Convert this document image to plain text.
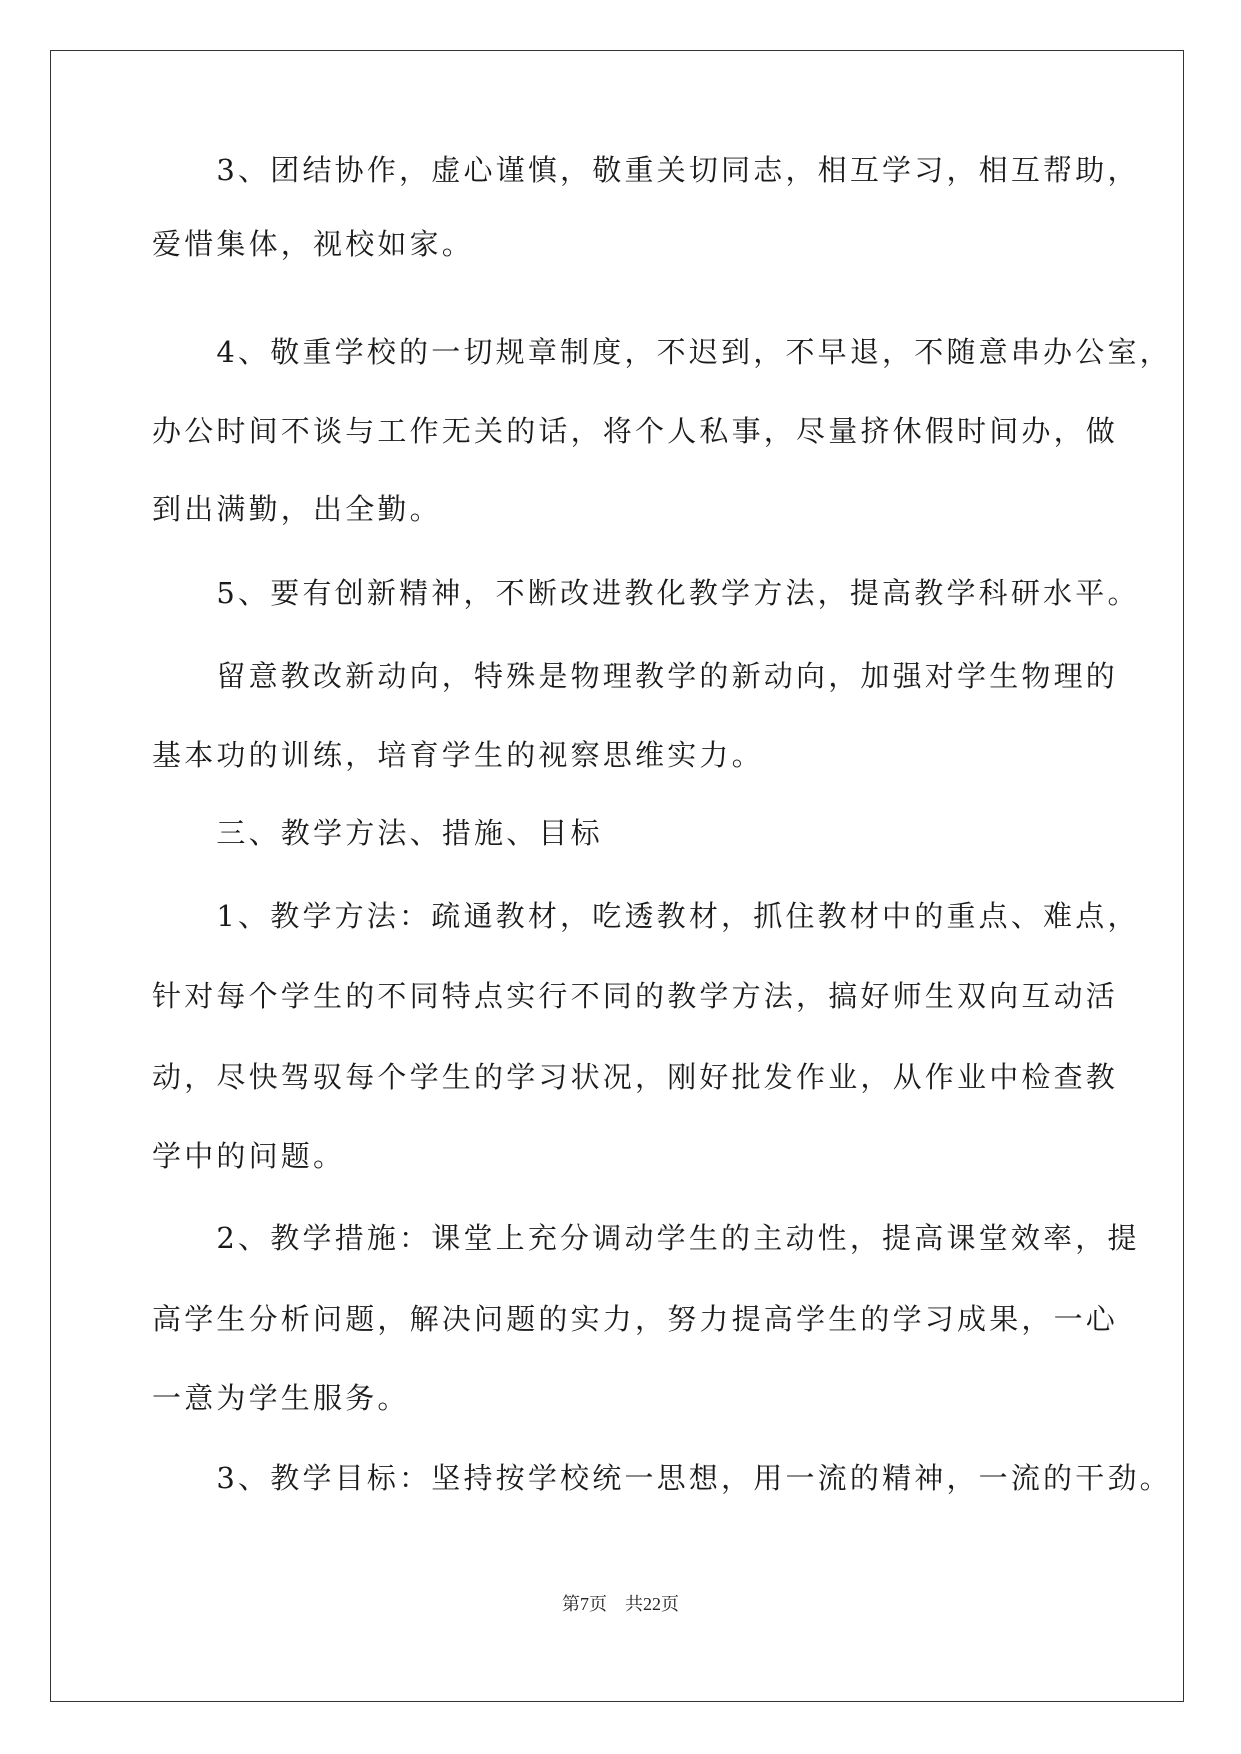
　　3、团结协作，虚心谨慎，敬重关切同志，相互学习，相互帮助，
爱惜集体，视校如家。
　　4、敬重学校的一切规章制度，不迟到，不早退，不随意串办公室，
办公时间不谈与工作无关的话，将个人私事，尽量挤休假时间办，做
到出满勤，出全勤。
　　5、要有创新精神，不断改进教化教学方法，提高教学科研水平。
　　留意教改新动向，特殊是物理教学的新动向，加强对学生物理的
基本功的训练，培育学生的视察思维实力。
　　三、教学方法、措施、目标
　　1、教学方法：疏通教材，吃透教材，抓住教材中的重点、难点，
针对每个学生的不同特点实行不同的教学方法，搞好师生双向互动活
动，尽快驾驭每个学生的学习状况，刚好批发作业，从作业中检查教
学中的问题。
　　2、教学措施：课堂上充分调动学生的主动性，提高课堂效率，提
高学生分析问题，解决问题的实力，努力提高学生的学习成果，一心
一意为学生服务。
　　3、教学目标：坚持按学校统一思想，用一流的精神，一流的干劲。
第7页　共22页
